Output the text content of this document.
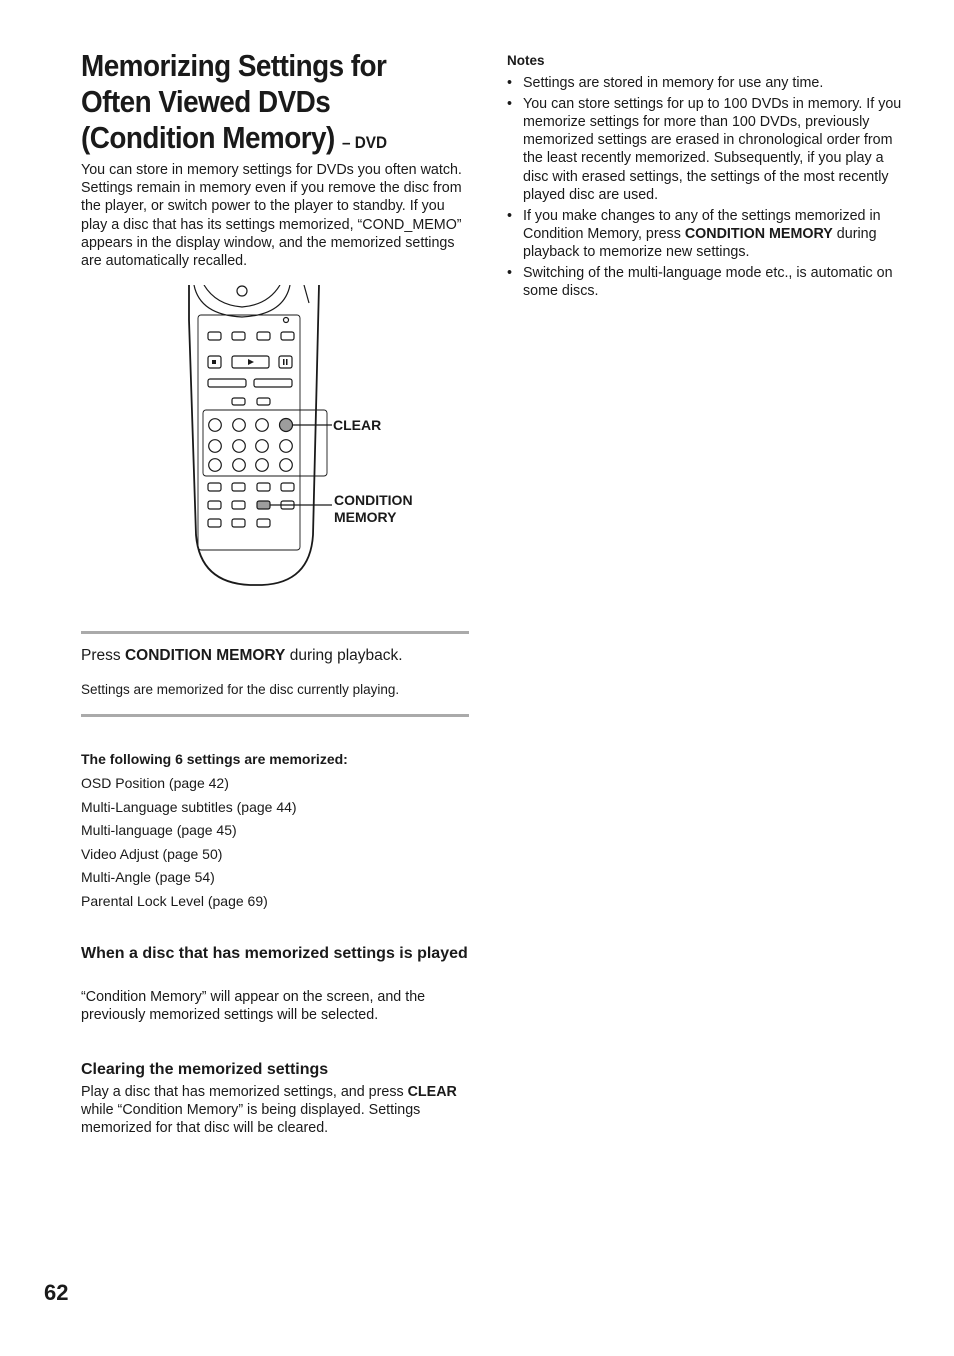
Memorizing Settings for Often Viewed DVDs (Condition Memory) – DVD

You can store in memory settings for DVDs you often watch. Settings remain in memory even if you remove the disc from the player, or switch power to the player to standby. If you play a disc that has its settings memorized, “COND_MEMO” appears in the display window, and the memorized settings are automatically recalled.

CLEAR
CONDITION
MEMORY

Press CONDITION MEMORY during playback.

Settings are memorized for the disc currently playing.

The following 6 settings are memorized:

OSD Position (page 42)
Multi-Language subtitles (page 44)
Multi-language (page 45)
Video Adjust (page 50)
Multi-Angle (page 54)
Parental Lock Level (page 69)
When a disc that has memorized settings is played

“Condition Memory” will appear on the screen, and the previously memorized settings will be selected.

Clearing the memorized settings

Play a disc that has memorized settings, and press CLEAR while “Condition Memory” is being displayed. Settings memorized for that disc will be cleared.

Notes

• Settings are stored in memory for use any time.
• You can store settings for up to 100 DVDs in memory. If you memorize settings for more than 100 DVDs, previously memorized settings are erased in chronological order from the least recently memorized. Subsequently, if you play a disc with erased settings, the settings of the most recently played disc are used.
• If you make changes to any of the settings memorized in Condition Memory, press CONDITION MEMORY during playback to memorize new settings.
• Switching of the multi-language mode etc., is automatic on some discs.

62
